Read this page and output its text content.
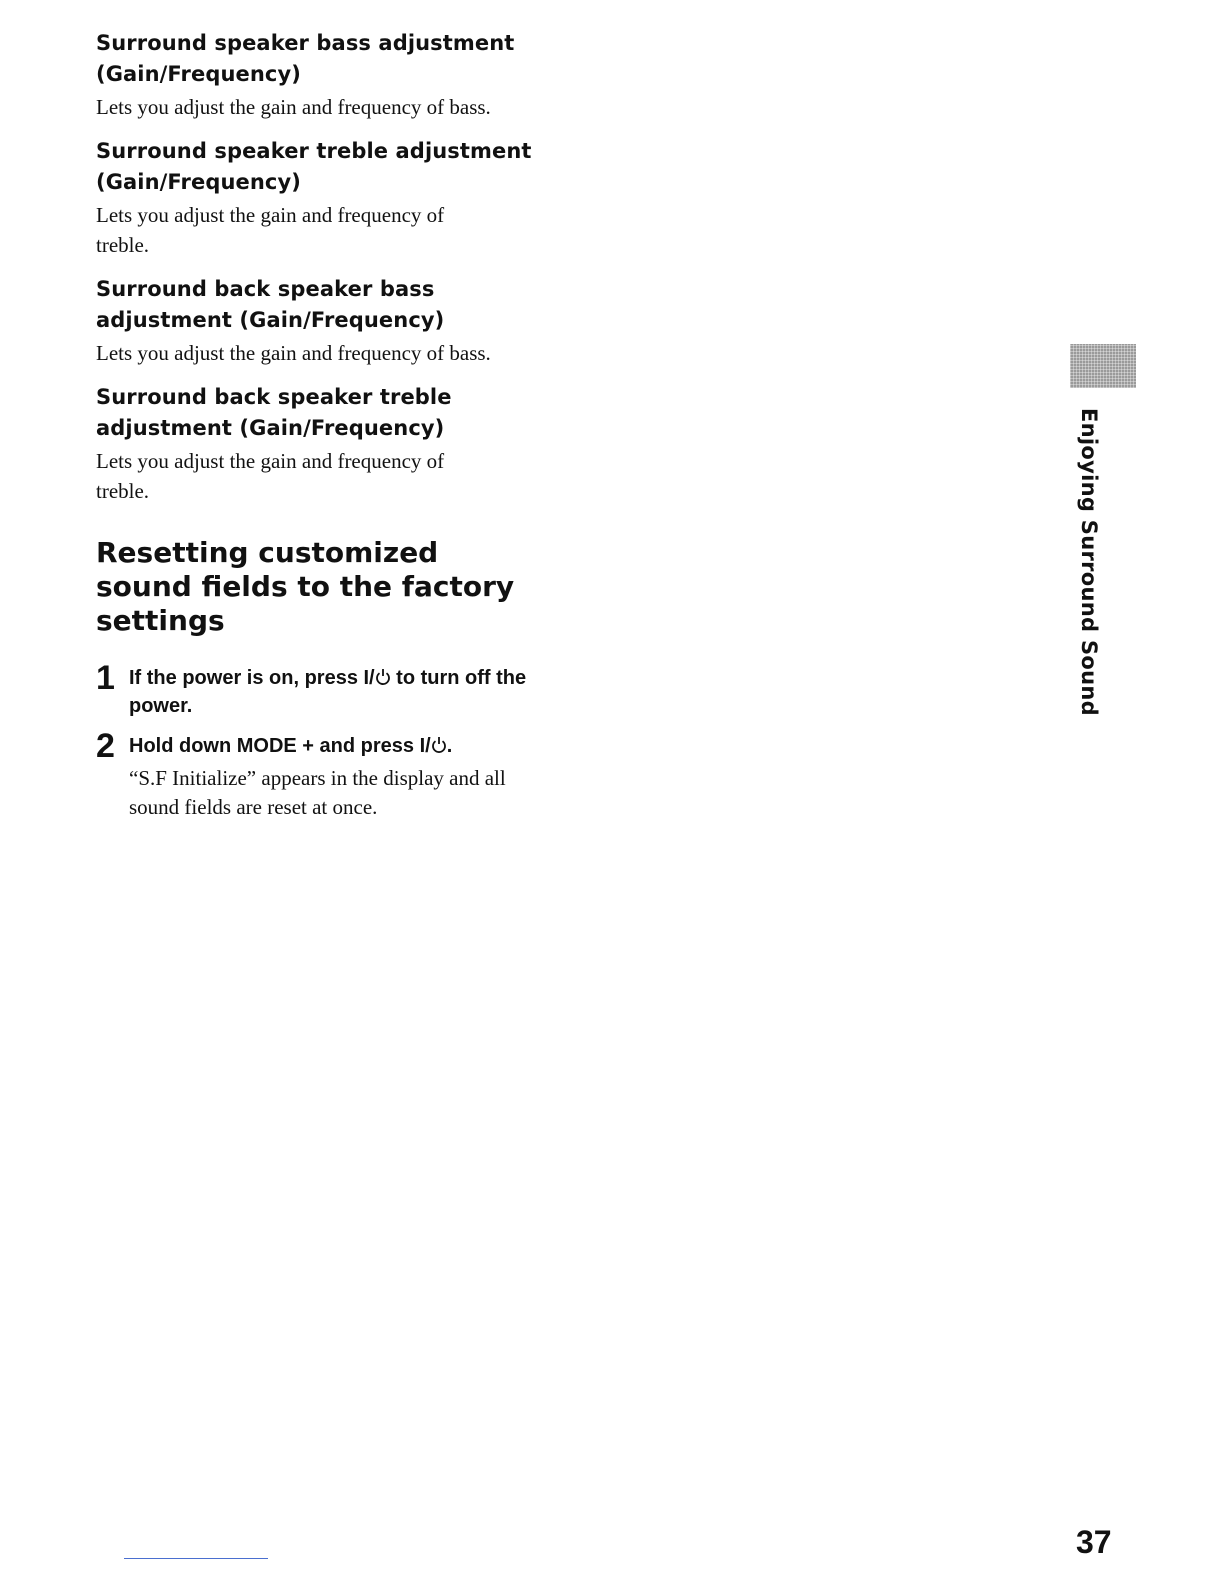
Surround speaker bass adjustment (Gain/Frequency)

Lets you adjust the gain and frequency of bass.

Surround speaker treble adjustment (Gain/Frequency)

Lets you adjust the gain and frequency of treble.

Surround back speaker bass adjustment (Gain/Frequency)

Lets you adjust the gain and frequency of bass.

Surround back speaker treble adjustment (Gain/Frequency)

Lets you adjust the gain and frequency of treble.

Resetting customized sound fields to the factory settings
1 If the power is on, press I/ to turn off the power.
2 Hold down MODE + and press I/ .
“S.F Initialize” appears in the display and all sound fields are reset at once.
Enjoying Surround Sound
37
